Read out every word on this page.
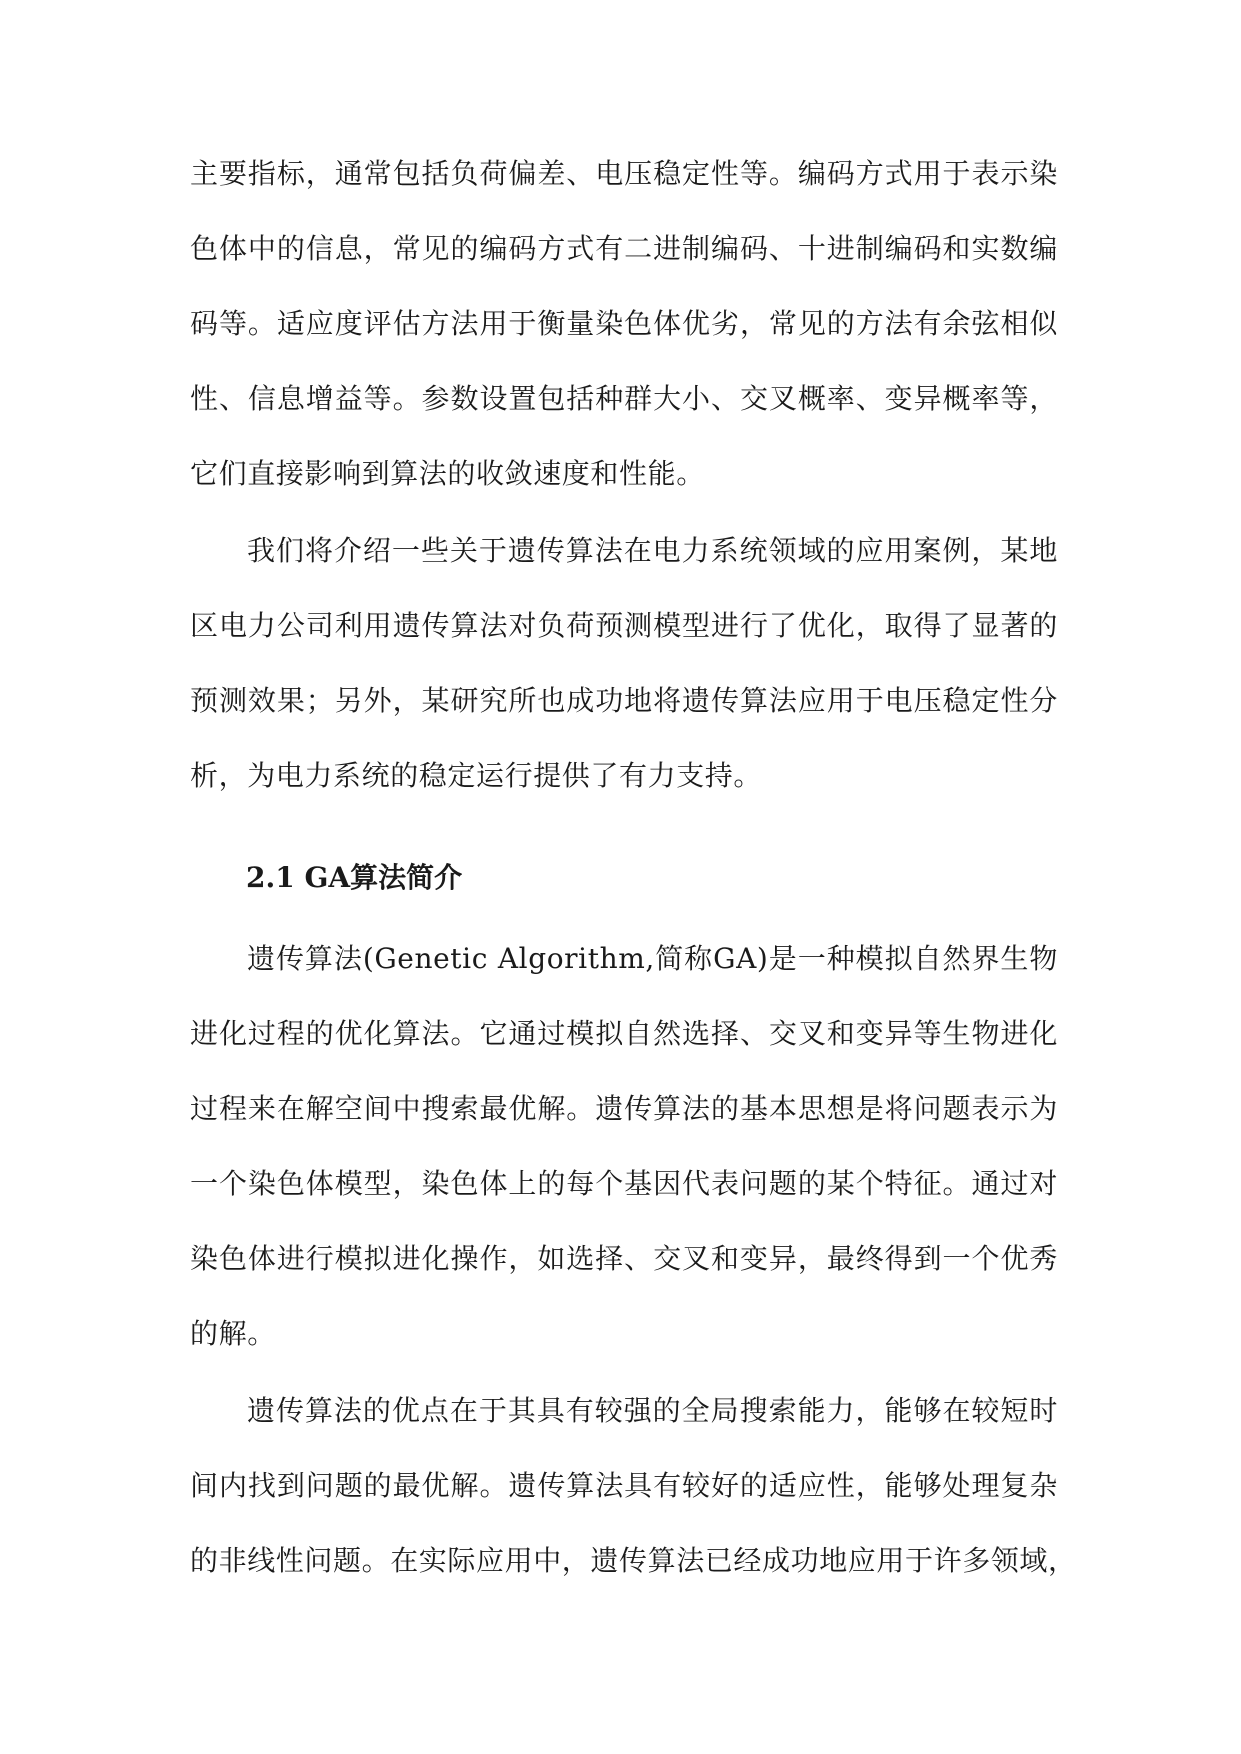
主要指标，通常包括负荷偏差、电压稳定性等。编码方式用于表示染
色体中的信息，常见的编码方式有二进制编码、十进制编码和实数编
码等。适应度评估方法用于衡量染色体优劣，常见的方法有余弦相似
性、信息增益等。参数设置包括种群大小、交叉概率、变异概率等，
它们直接影响到算法的收敛速度和性能。
我们将介绍一些关于遗传算法在电力系统领域的应用案例，某地
区电力公司利用遗传算法对负荷预测模型进行了优化，取得了显著的
预测效果；另外，某研究所也成功地将遗传算法应用于电压稳定性分
析，为电力系统的稳定运行提供了有力支持。
2.1 GA算法简介
遗传算法(Genetic Algorithm,简称GA)是一种模拟自然界生物
进化过程的优化算法。它通过模拟自然选择、交叉和变异等生物进化
过程来在解空间中搜索最优解。遗传算法的基本思想是将问题表示为
一个染色体模型，染色体上的每个基因代表问题的某个特征。通过对
染色体进行模拟进化操作，如选择、交叉和变异，最终得到一个优秀
的解。
遗传算法的优点在于其具有较强的全局搜索能力，能够在较短时
间内找到问题的最优解。遗传算法具有较好的适应性，能够处理复杂
的非线性问题。在实际应用中，遗传算法已经成功地应用于许多领域，
